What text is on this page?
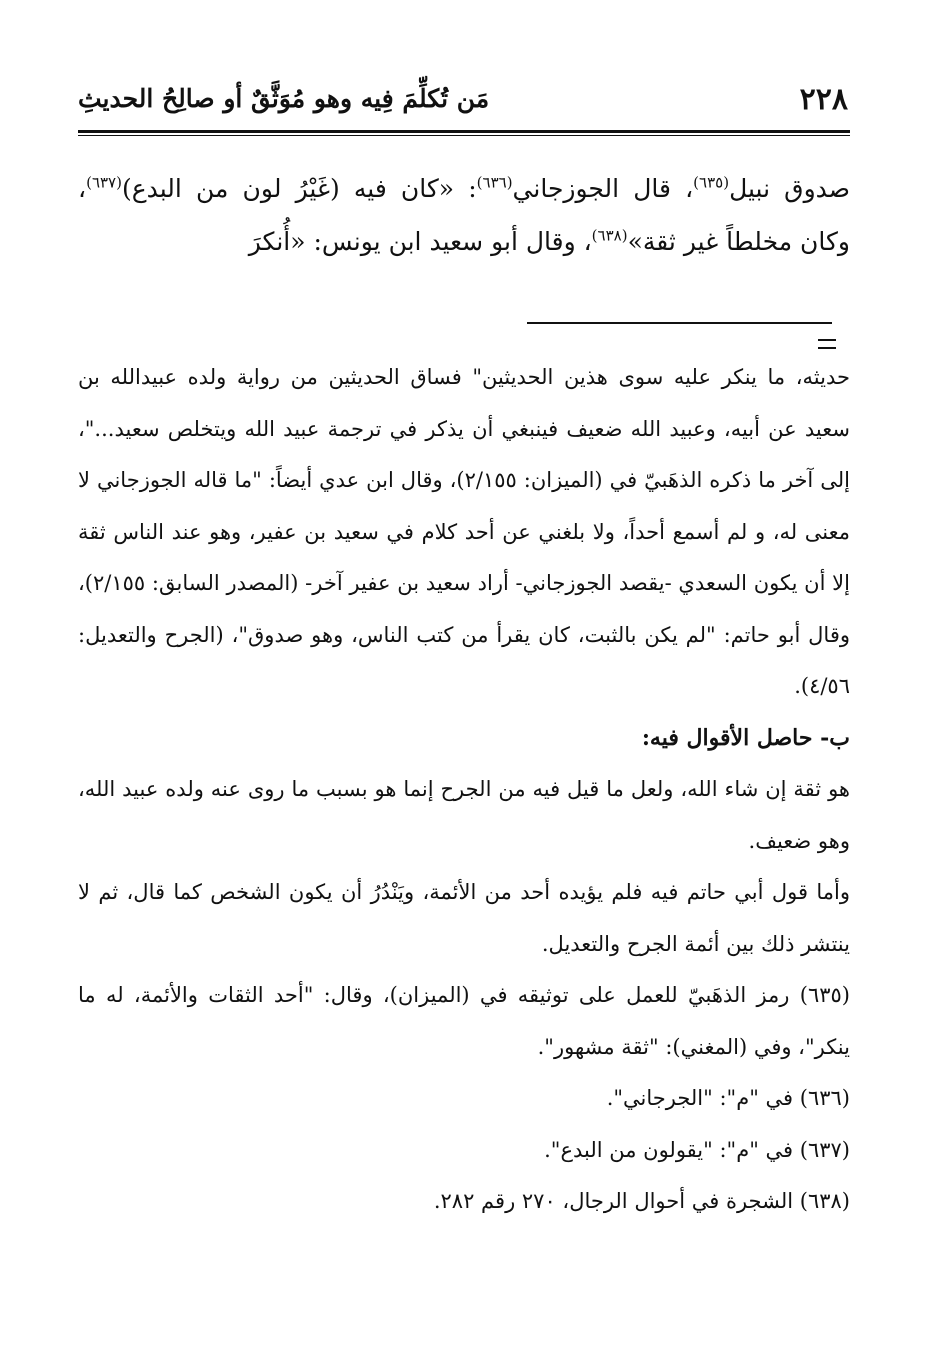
٢٢٨
مَن تُكلِّمَ فِيه وهو مُوَثَّقٌ أو صالِحُ الحديثِ

صدوق نبيل$^{(٦٣٥)}$، قال الجوزجاني$^{(٦٣٦)}$: «كان فيه (غَيْرُ لون من البدع)$^{(٦٣٧)}$، وكان مخلطاً غير ثقة»$^{(٦٣٨)}$، وقال أبو سعيد ابن يونس: «أُنكرَ

حديثه، ما ينكر عليه سوى هذين الحديثين" فساق الحديثين من رواية ولده عبيدالله بن سعيد عن أبيه، وعبيد الله ضعيف فينبغي أن يذكر في ترجمة عبيد الله ويتخلص سعيد..."، إلى آخر ما ذكره الذهَبيّ في (الميزان: ٢/١٥٥)، وقال ابن عدي أيضاً: "ما قاله الجوزجاني لا معنى له، و لم أسمع أحداً، ولا بلغني عن أحد كلام في سعيد بن عفير، وهو عند الناس ثقة إلا أن يكون السعدي -يقصد الجوزجاني- أراد سعيد بن عفير آخر- (المصدر السابق: ٢/١٥٥)، وقال أبو حاتم: "لم يكن بالثبت، كان يقرأ من كتب الناس، وهو صدوق"، (الجرح والتعديل: ٤/٥٦).

ب- حاصل الأقوال فيه:

هو ثقة إن شاء الله، ولعل ما قيل فيه من الجرح إنما هو بسبب ما روى عنه ولده عبيد الله، وهو ضعيف.

وأما قول أبي حاتم فيه فلم يؤيده أحد من الأئمة، ويَنْدُرُ أن يكون الشخص كما قال، ثم لا ينتشر ذلك بين أئمة الجرح والتعديل.

(٦٣٥) رمز الذهَبيّ للعمل على توثيقه في (الميزان)، وقال: "أحد الثقات والأئمة، له ما ينكر"، وفي (المغني): "ثقة مشهور".

(٦٣٦) في "م": "الجرجاني".

(٦٣٧) في "م": "يقولون من البدع".

(٦٣٨) الشجرة في أحوال الرجال، ٢٧٠ رقم ٢٨٢.
